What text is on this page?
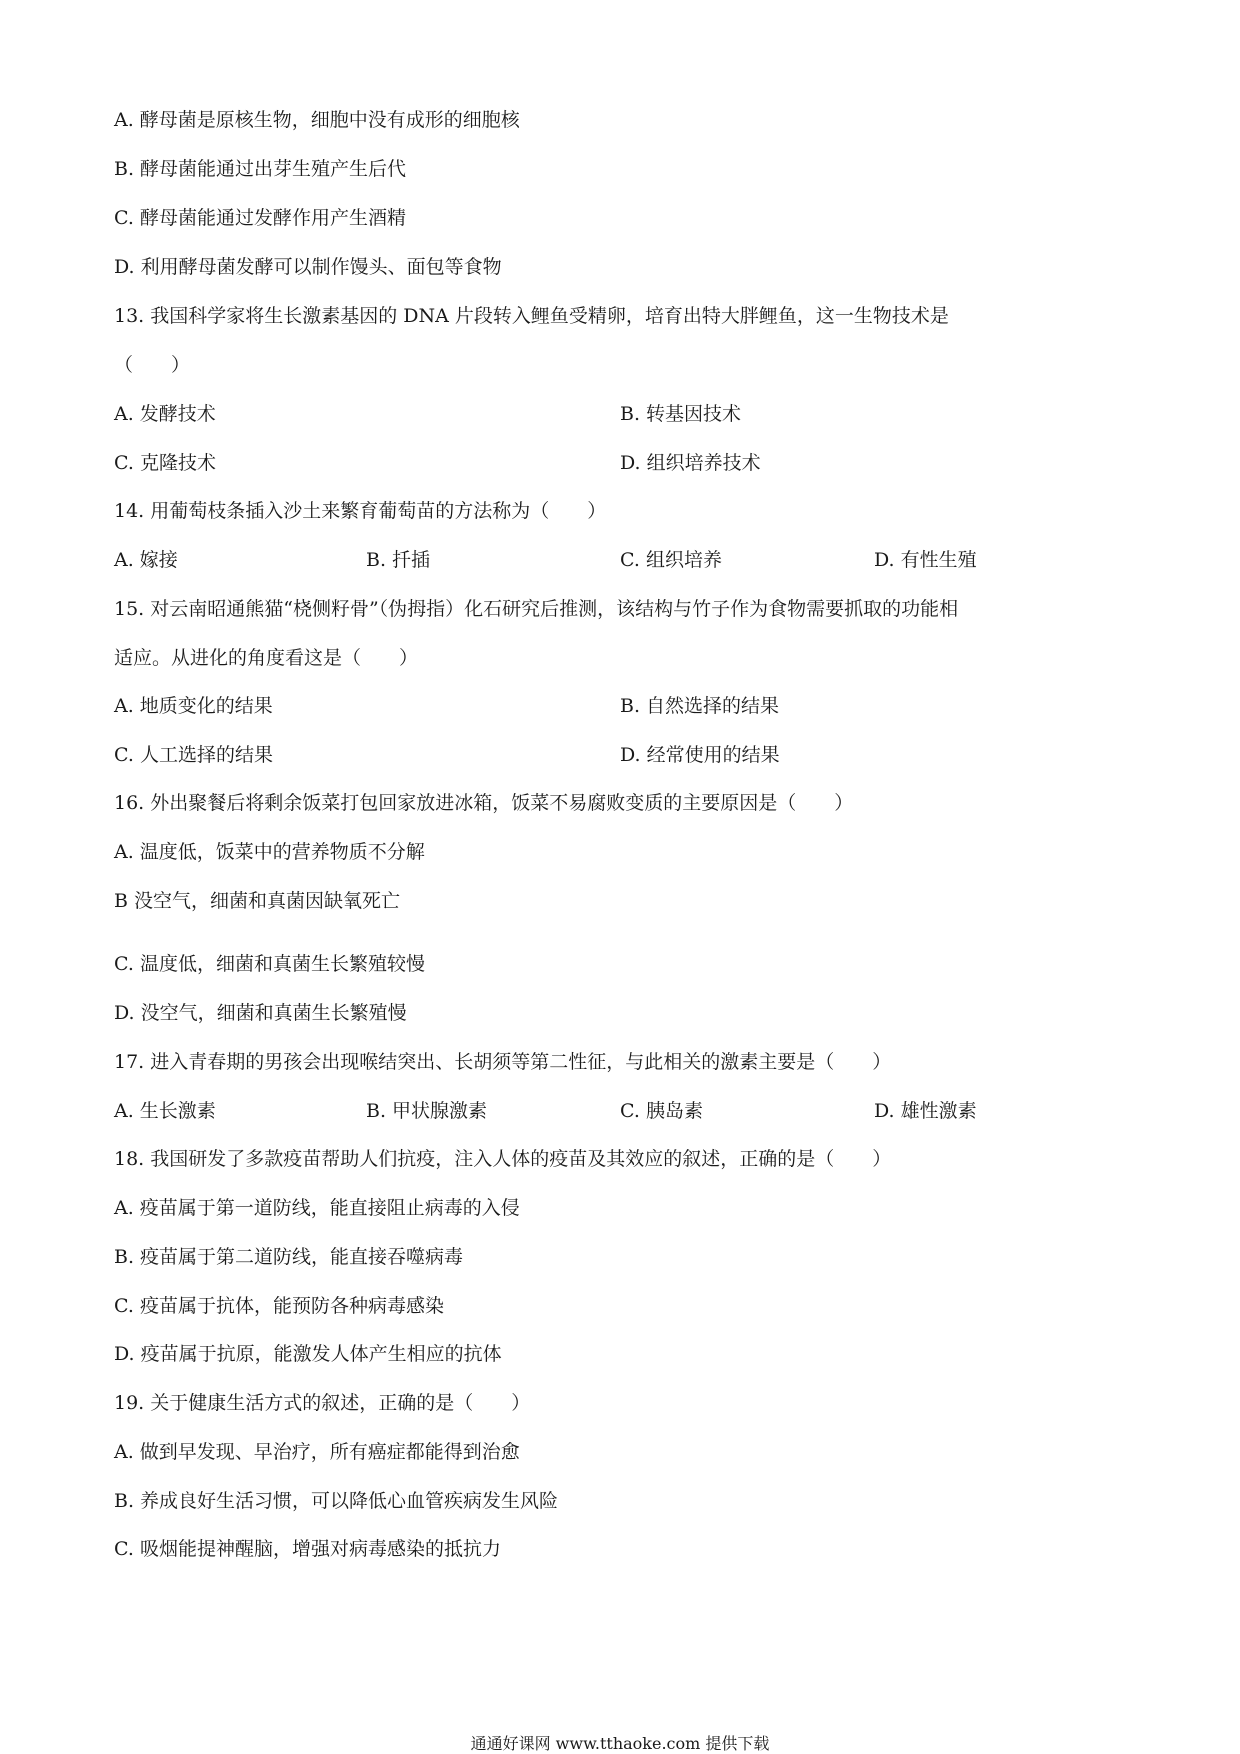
A. 酵母菌是原核生物，细胞中没有成形的细胞核
B. 酵母菌能通过出芽生殖产生后代
C. 酵母菌能通过发酵作用产生酒精
D. 利用酵母菌发酵可以制作馒头、面包等食物
13. 我国科学家将生长激素基因的 DNA 片段转入鲤鱼受精卵，培育出特大胖鲤鱼，这一生物技术是
（　　）
A. 发酵技术	B. 转基因技术
C. 克隆技术	D. 组织培养技术
14. 用葡萄枝条插入沙土来繁育葡萄苗的方法称为（　　）
A. 嫁接	B. 扦插	C. 组织培养	D. 有性生殖
15. 对云南昭通熊猫“桡侧籽骨”（伪拇指）化石研究后推测，该结构与竹子作为食物需要抓取的功能相
适应。从进化的角度看这是（　　）
A. 地质变化的结果	B. 自然选择的结果
C. 人工选择的结果	D. 经常使用的结果
16. 外出聚餐后将剩余饭菜打包回家放进冰箱，饭菜不易腐败变质的主要原因是（　　）
A. 温度低，饭菜中的营养物质不分解
B 没空气，细菌和真菌因缺氧死亡
C. 温度低，细菌和真菌生长繁殖较慢
D. 没空气，细菌和真菌生长繁殖慢
17. 进入青春期的男孩会出现喉结突出、长胡须等第二性征，与此相关的激素主要是（　　）
A. 生长激素	B. 甲状腺激素	C. 胰岛素	D. 雄性激素
18. 我国研发了多款疫苗帮助人们抗疫，注入人体的疫苗及其效应的叙述，正确的是（　　）
A. 疫苗属于第一道防线，能直接阻止病毒的入侵
B. 疫苗属于第二道防线，能直接吞噬病毒
C. 疫苗属于抗体，能预防各种病毒感染
D. 疫苗属于抗原，能激发人体产生相应的抗体
19. 关于健康生活方式的叙述，正确的是（　　）
A. 做到早发现、早治疗，所有癌症都能得到治愈
B. 养成良好生活习惯，可以降低心血管疾病发生风险
C. 吸烟能提神醒脑，增强对病毒感染的抵抗力
通通好课网 www.tthaoke.com 提供下载
